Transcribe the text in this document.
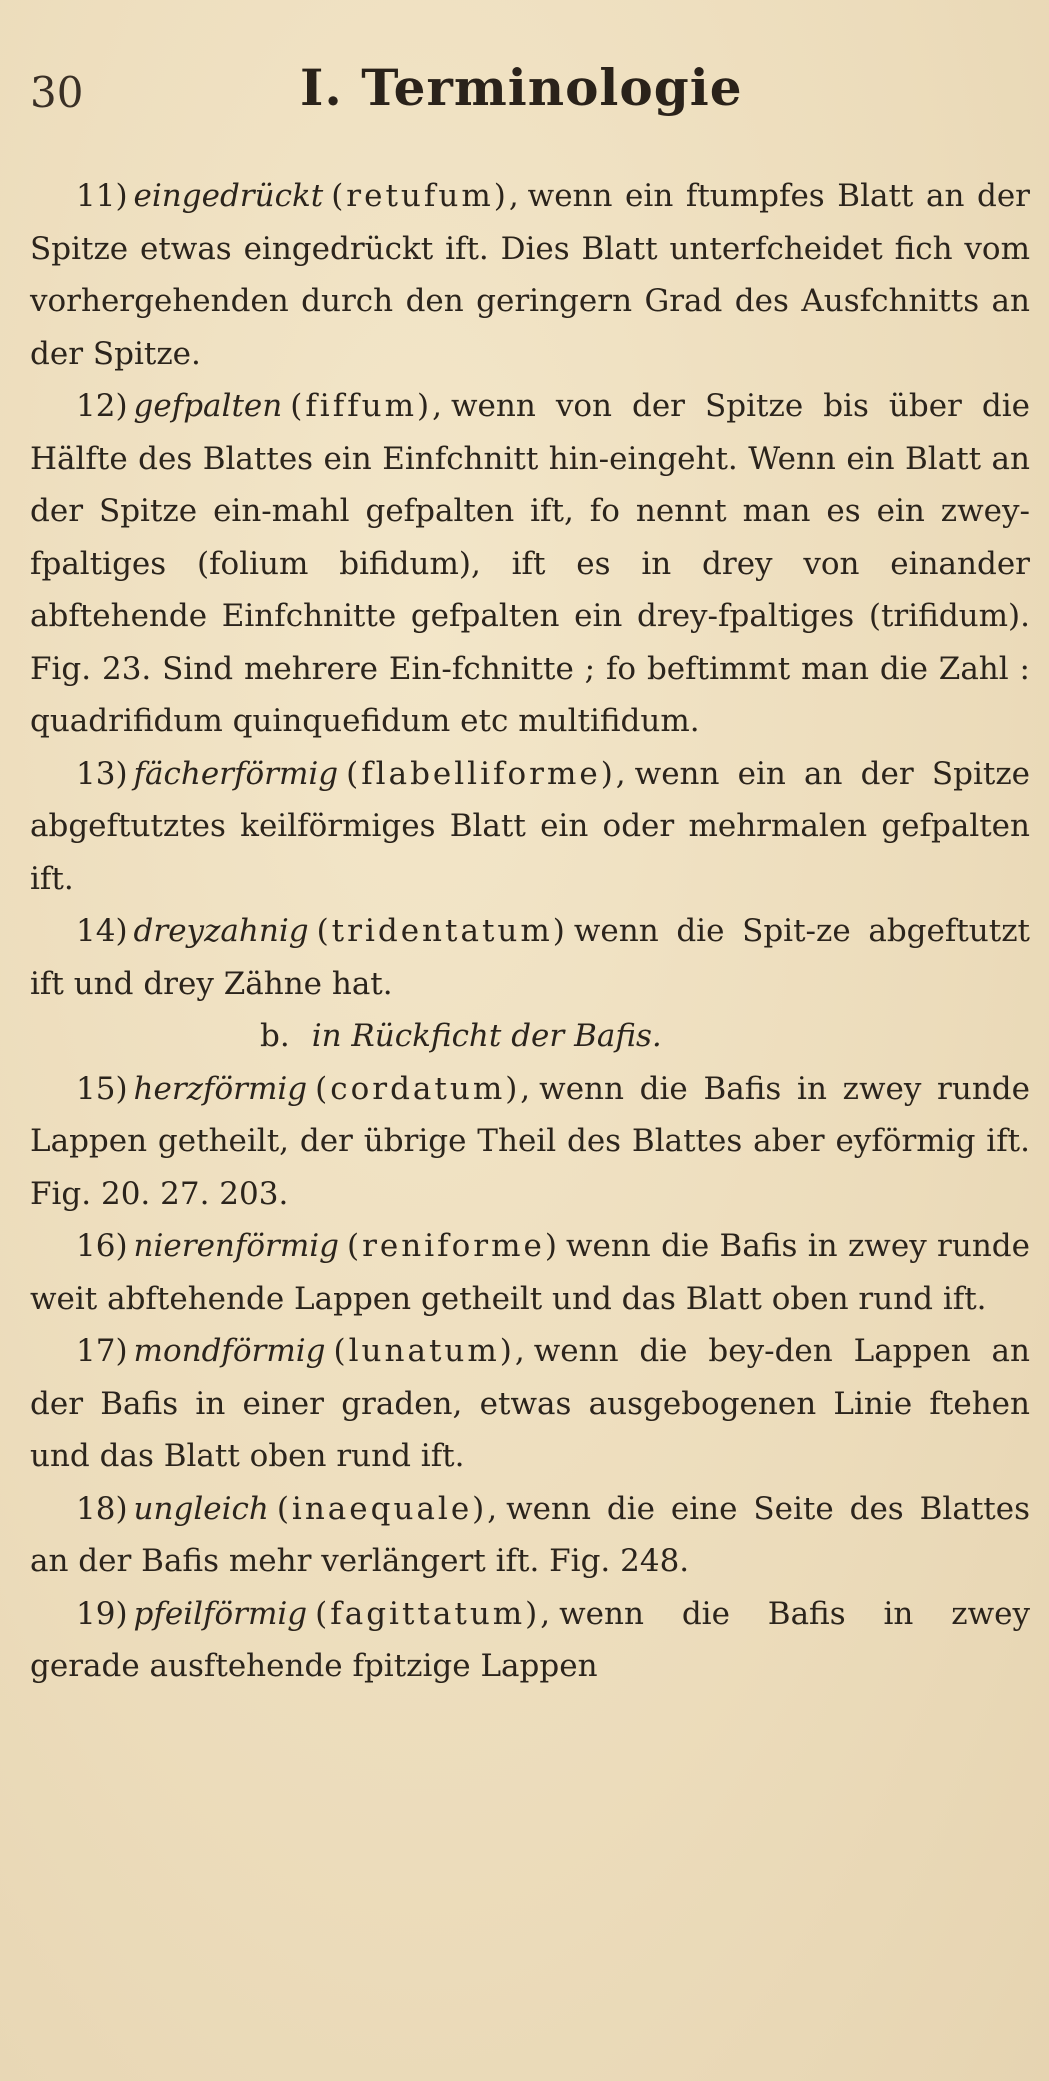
30	I. Terminologie

11) eingedrückt (retufum), wenn ein ftumpfes Blatt an der Spitze etwas eingedrückt ift. Dies Blatt unterfcheidet fich vom vorhergehenden durch den geringern Grad des Ausfchnitts an der Spitze.

12) gefpalten (fiffum), wenn von der Spitze bis über die Hälfte des Blattes ein Einfchnitt hin-eingeht. Wenn ein Blatt an der Spitze ein-mahl gefpalten ift, fo nennt man es ein zwey-fpaltiges (folium bifidum), ift es in drey von einander abftehende Einfchnitte gefpalten ein drey-fpaltiges (trifidum). Fig. 23. Sind mehrere Ein-fchnitte ; fo beftimmt man die Zahl : quadrifidum quinquefidum etc multifidum.

13) fächerförmig (flabelliforme), wenn ein an der Spitze abgeftutztes keilförmiges Blatt ein oder mehrmalen gefpalten ift.

14) dreyzahnig (tridentatum) wenn die Spit-ze abgeftutzt ift und drey Zähne hat.

b. in Rückficht der Bafis.

15) herzförmig (cordatum), wenn die Bafis in zwey runde Lappen getheilt, der übrige Theil des Blattes aber eyförmig ift. Fig. 20. 27. 203.

16) nierenförmig (reniforme) wenn die Bafis in zwey runde weit abftehende Lappen getheilt und das Blatt oben rund ift.

17) mondförmig (lunatum), wenn die bey-den Lappen an der Bafis in einer graden, etwas ausgebogenen Linie ftehen und das Blatt oben rund ift.

18) ungleich (inaequale), wenn die eine Seite des Blattes an der Bafis mehr verlängert ift. Fig. 248.

19) pfeilförmig (fagittatum), wenn die Bafis in zwey gerade ausftehende fpitzige Lappen
